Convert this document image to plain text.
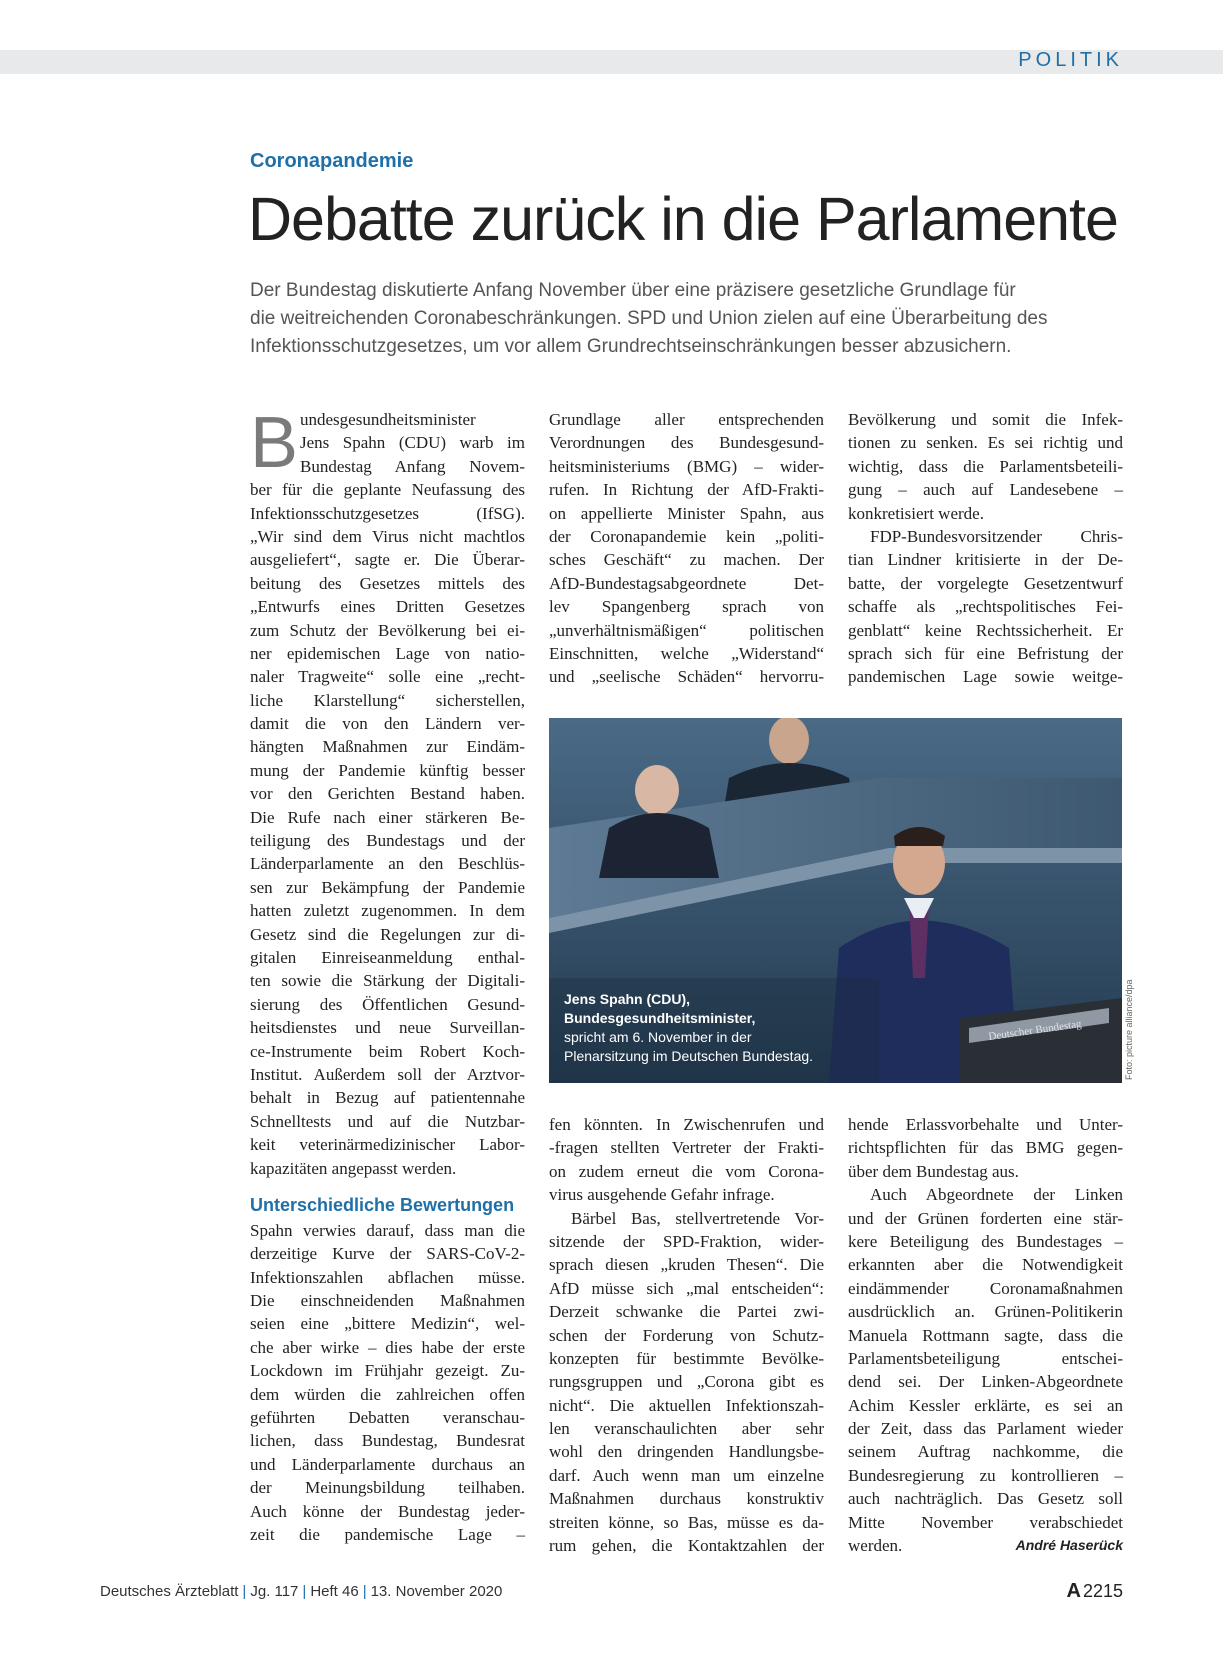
POLITIK
Coronapandemie
Debatte zurück in die Parlamente
Der Bundestag diskutierte Anfang November über eine präzisere gesetzliche Grundlage für
die weitreichenden Coronabeschränkungen. SPD und Union zielen auf eine Überarbeitung des
Infektionsschutzgesetzes, um vor allem Grundrechtseinschränkungen besser abzusichern.
B undesgesundheitsminister
Jens Spahn (CDU) warb im
Bundestag Anfang Novem-
ber für die geplante Neufassung des
Infektionsschutzgesetzes (IfSG).
„Wir sind dem Virus nicht machtlos
ausgeliefert“, sagte er. Die Überar-
beitung des Gesetzes mittels des
„Entwurfs eines Dritten Gesetzes
zum Schutz der Bevölkerung bei ei-
ner epidemischen Lage von natio-
naler Tragweite“ solle eine „recht-
liche Klarstellung“ sicherstellen,
damit die von den Ländern ver-
hängten Maßnahmen zur Eindäm-
mung der Pandemie künftig besser
vor den Gerichten Bestand haben.
Die Rufe nach einer stärkeren Be-
teiligung des Bundestags und der
Länderparlamente an den Beschlüs-
sen zur Bekämpfung der Pandemie
hatten zuletzt zugenommen. In dem
Gesetz sind die Regelungen zur di-
gitalen Einreiseanmeldung enthal-
ten sowie die Stärkung der Digitali-
sierung des Öffentlichen Gesund-
heitsdienstes und neue Surveillan-
ce-Instrumente beim Robert Koch-
Institut. Außerdem soll der Arztvor-
behalt in Bezug auf patientennahe
Schnelltests und auf die Nutzbar-
keit veterinärmedizinischer Labor-
kapazitäten angepasst werden.
Unterschiedliche Bewertungen
Spahn verwies darauf, dass man die
derzeitige Kurve der SARS-CoV-2-
Infektionszahlen abflachen müsse.
Die einschneidenden Maßnahmen
seien eine „bittere Medizin“, wel-
che aber wirke – dies habe der erste
Lockdown im Frühjahr gezeigt. Zu-
dem würden die zahlreichen offen
geführten Debatten veranschau-
lichen, dass Bundestag, Bundesrat
und Länderparlamente durchaus an
der Meinungsbildung teilhaben.
Auch könne der Bundestag jeder-
zeit die pandemische Lage –
Grundlage aller entsprechenden
Verordnungen des Bundesgesund-
heitsministeriums (BMG) – wider-
rufen. In Richtung der AfD-Frakti-
on appellierte Minister Spahn, aus
der Coronapandemie kein „politi-
sches Geschäft“ zu machen. Der
AfD-Bundestagsabgeordnete Det-
lev Spangenberg sprach von
„unverhältnismäßigen“ politischen
Einschnitten, welche „Widerstand“
und „seelische Schäden“ hervorru-
Bevölkerung und somit die Infek-
tionen zu senken. Es sei richtig und
wichtig, dass die Parlamentsbeteili-
gung – auch auf Landesebene –
konkretisiert werde.
FDP-Bundesvorsitzender Chris-
tian Lindner kritisierte in der De-
batte, der vorgelegte Gesetzentwurf
schaffe als „rechtspolitisches Fei-
genblatt“ keine Rechtssicherheit. Er
sprach sich für eine Befristung der
pandemischen Lage sowie weitge-
Deutscher Bundestag
Jens Spahn (CDU),
Bundesgesundheitsminister,
spricht am 6. November in der
Plenarsitzung im Deutschen Bundestag.	Foto: picture alliance/dpa
fen könnten. In Zwischenrufen und
-fragen stellten Vertreter der Frakti-
on zudem erneut die vom Corona-
virus ausgehende Gefahr infrage.
Bärbel Bas, stellvertretende Vor-
sitzende der SPD-Fraktion, wider-
sprach diesen „kruden Thesen“. Die
AfD müsse sich „mal entscheiden“:
Derzeit schwanke die Partei zwi-
schen der Forderung von Schutz-
konzepten für bestimmte Bevölke-
rungsgruppen und „Corona gibt es
nicht“. Die aktuellen Infektionszah-
len veranschaulichten aber sehr
wohl den dringenden Handlungsbe-
darf. Auch wenn man um einzelne
Maßnahmen durchaus konstruktiv
streiten könne, so Bas, müsse es da-
rum gehen, die Kontaktzahlen der
hende Erlassvorbehalte und Unter-
richtspflichten für das BMG gegen-
über dem Bundestag aus.
Auch Abgeordnete der Linken
und der Grünen forderten eine stär-
kere Beteiligung des Bundestages –
erkannten aber die Notwendigkeit
eindämmender Coronamaßnahmen
ausdrücklich an. Grünen-Politikerin
Manuela Rottmann sagte, dass die
Parlamentsbeteiligung entschei-
dend sei. Der Linken-Abgeordnete
Achim Kessler erklärte, es sei an
der Zeit, dass das Parlament wieder
seinem Auftrag nachkomme, die
Bundesregierung zu kontrollieren –
auch nachträglich. Das Gesetz soll
Mitte November verabschiedet
werden.	André Haserück
Deutsches Ärzteblatt | Jg. 117 | Heft 46 | 13. November 2020	A 2215
